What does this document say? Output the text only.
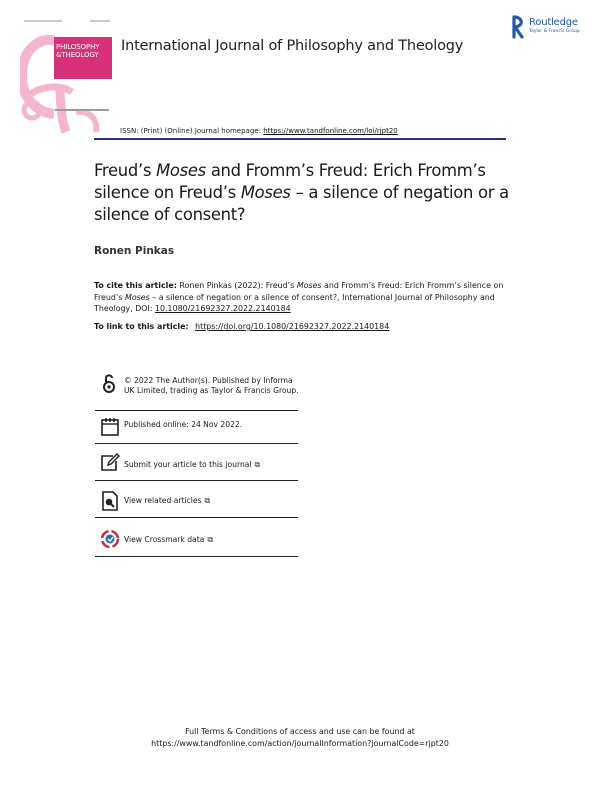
PHILOSOPHY
&THEOLOGY
International Journal of Philosophy and Theology
Routledge
Taylor & Francis Group
ISSN: (Print) (Online) Journal homepage: https://www.tandfonline.com/loi/rjpt20
Freud’s Moses and Fromm’s Freud: Erich Fromm’s silence on Freud’s Moses – a silence of negation or a silence of consent?
Ronen Pinkas
To cite this article: Ronen Pinkas (2022): Freud’s Moses and Fromm’s Freud: Erich Fromm’s silence on Freud’s Moses – a silence of negation or a silence of consent?, International Journal of Philosophy and Theology, DOI: 10.1080/21692327.2022.2140184
To link to this article: https://doi.org/10.1080/21692327.2022.2140184
© 2022 The Author(s). Published by Informa UK Limited, trading as Taylor & Francis Group.
Published online: 24 Nov 2022.
Submit your article to this journal ⧉
View related articles ⧉
View Crossmark data ⧉
Full Terms & Conditions of access and use can be found at
https://www.tandfonline.com/action/journalInformation?journalCode=rjpt20
